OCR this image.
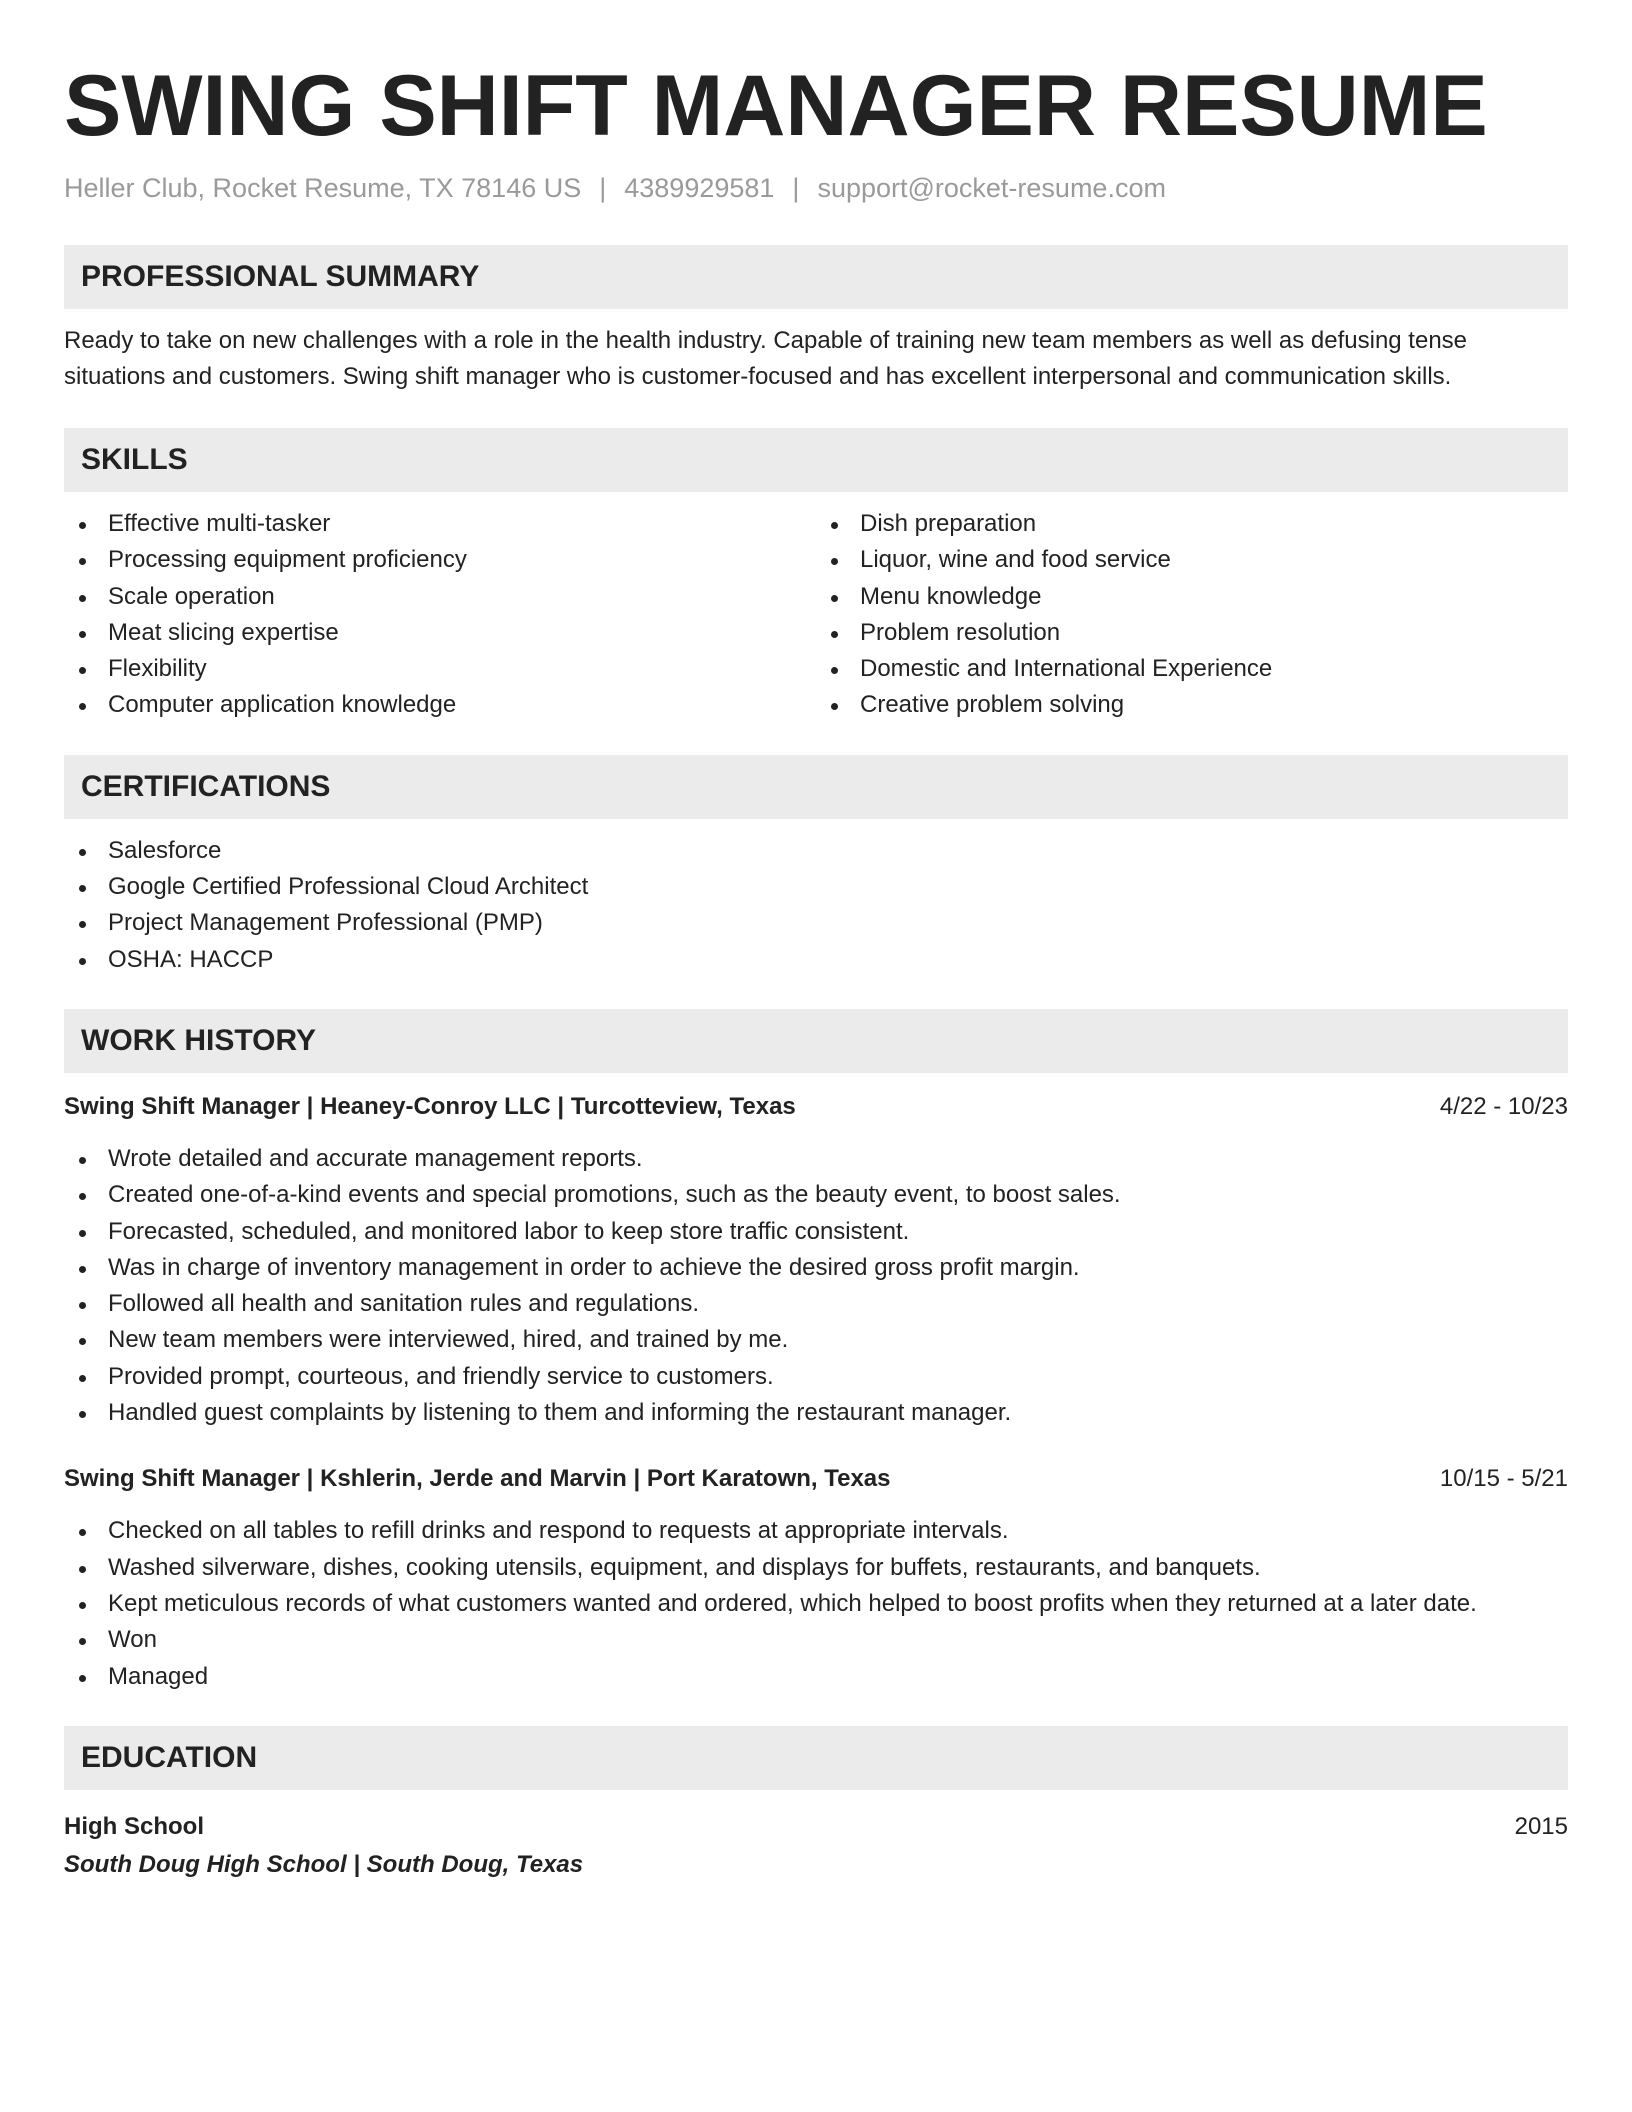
SWING SHIFT MANAGER RESUME
Heller Club, Rocket Resume, TX 78146 US | 4389929581 | support@rocket-resume.com
PROFESSIONAL SUMMARY
Ready to take on new challenges with a role in the health industry. Capable of training new team members as well as defusing tense situations and customers. Swing shift manager who is customer-focused and has excellent interpersonal and communication skills.
SKILLS
Effective multi-tasker
Processing equipment proficiency
Scale operation
Meat slicing expertise
Flexibility
Computer application knowledge
Dish preparation
Liquor, wine and food service
Menu knowledge
Problem resolution
Domestic and International Experience
Creative problem solving
CERTIFICATIONS
Salesforce
Google Certified Professional Cloud Architect
Project Management Professional (PMP)
OSHA: HACCP
WORK HISTORY
Swing Shift Manager | Heaney-Conroy LLC | Turcotteview, Texas	4/22 - 10/23
Wrote detailed and accurate management reports.
Created one-of-a-kind events and special promotions, such as the beauty event, to boost sales.
Forecasted, scheduled, and monitored labor to keep store traffic consistent.
Was in charge of inventory management in order to achieve the desired gross profit margin.
Followed all health and sanitation rules and regulations.
New team members were interviewed, hired, and trained by me.
Provided prompt, courteous, and friendly service to customers.
Handled guest complaints by listening to them and informing the restaurant manager.
Swing Shift Manager | Kshlerin, Jerde and Marvin | Port Karatown, Texas	10/15 - 5/21
Checked on all tables to refill drinks and respond to requests at appropriate intervals.
Washed silverware, dishes, cooking utensils, equipment, and displays for buffets, restaurants, and banquets.
Kept meticulous records of what customers wanted and ordered, which helped to boost profits when they returned at a later date.
Won
Managed
EDUCATION
High School	2015
South Doug High School | South Doug, Texas
